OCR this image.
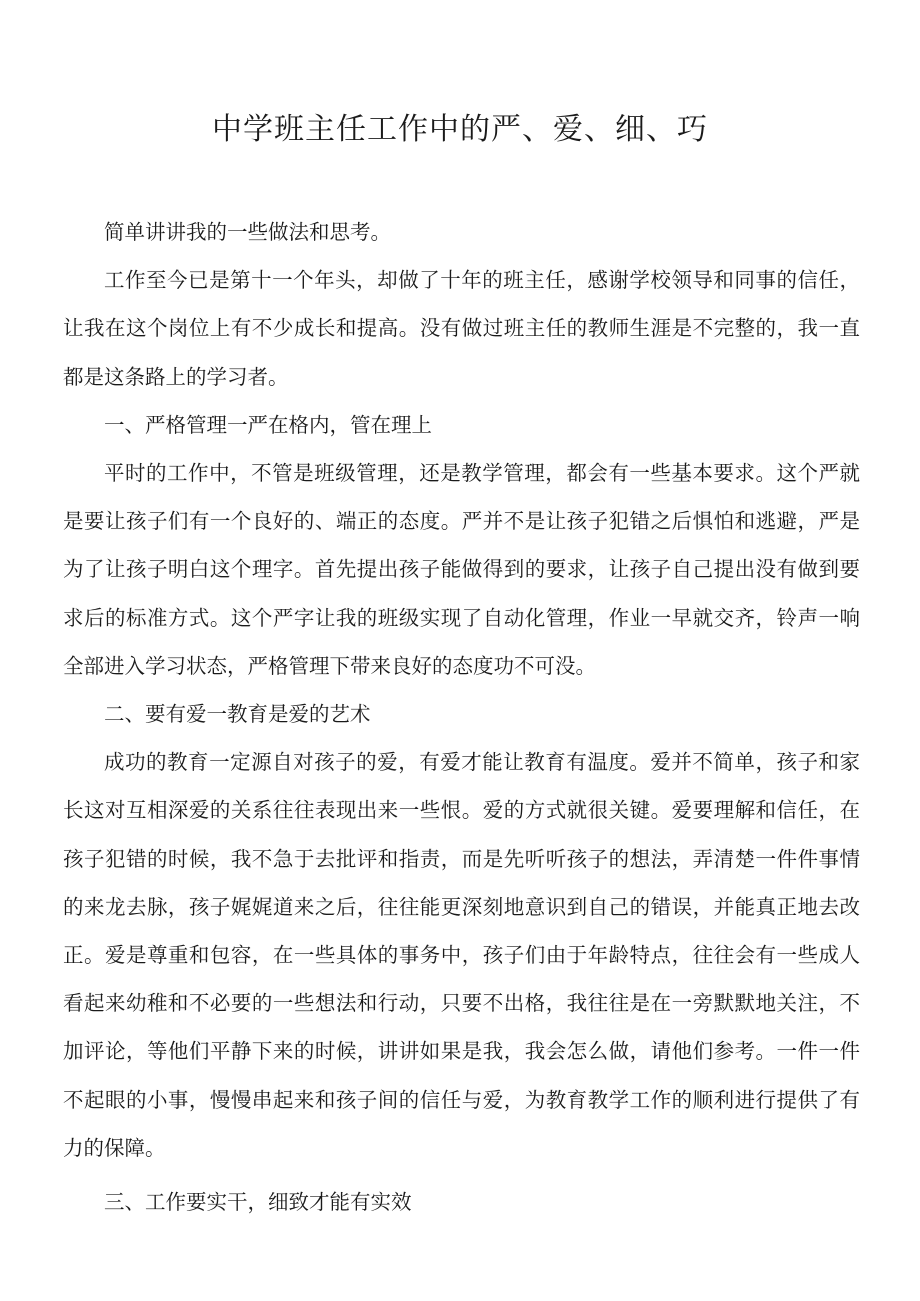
中学班主任工作中的严、爱、细、巧

简单讲讲我的一些做法和思考。

工作至今已是第十一个年头，却做了十年的班主任，感谢学校领导和同事的信任，让我在这个岗位上有不少成长和提高。没有做过班主任的教师生涯是不完整的，我一直都是这条路上的学习者。

一、严格管理一严在格内，管在理上

平时的工作中，不管是班级管理，还是教学管理，都会有一些基本要求。这个严就是要让孩子们有一个良好的、端正的态度。严并不是让孩子犯错之后惧怕和逃避，严是为了让孩子明白这个理字。首先提出孩子能做得到的要求，让孩子自己提出没有做到要求后的标准方式。这个严字让我的班级实现了自动化管理，作业一早就交齐，铃声一响全部进入学习状态，严格管理下带来良好的态度功不可没。

二、要有爱一教育是爱的艺术

成功的教育一定源自对孩子的爱，有爱才能让教育有温度。爱并不简单，孩子和家长这对互相深爱的关系往往表现出来一些恨。爱的方式就很关键。爱要理解和信任，在孩子犯错的时候，我不急于去批评和指责，而是先听听孩子的想法，弄清楚一件件事情的来龙去脉，孩子娓娓道来之后，往往能更深刻地意识到自己的错误，并能真正地去改正。爱是尊重和包容，在一些具体的事务中，孩子们由于年龄特点，往往会有一些成人看起来幼稚和不必要的一些想法和行动，只要不出格，我往往是在一旁默默地关注，不加评论，等他们平静下来的时候，讲讲如果是我，我会怎么做，请他们参考。一件一件不起眼的小事，慢慢串起来和孩子间的信任与爱，为教育教学工作的顺利进行提供了有力的保障。

三、工作要实干，细致才能有实效
